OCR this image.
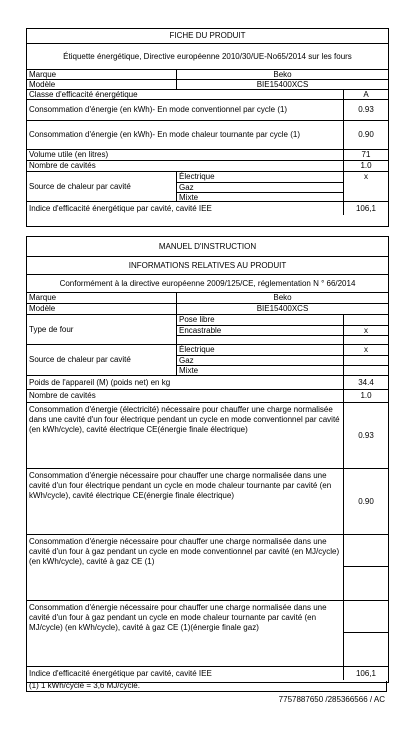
FICHE DU PRODUIT
Étiquette énergétique, Directive européenne 2010/30/UE-No65/2014 sur les fours
Marque	Beko
Modèle	BIE15400XCS
Classe d'efficacité énergétique	A
Consommation d'énergie (en kWh)- En mode conventionnel par cycle (1)	0.93
Consommation d'énergie (en kWh)- En mode chaleur tournante par cycle (1)	0.90
Volume utile (en litres)	71
Nombre de cavités	1.0
Source de chaleur par cavité
Électrique	x
Gaz
Mixte
Indice d'efficacité énergétique par cavité, cavité IEE	106,1
MANUEL D'INSTRUCTION
INFORMATIONS RELATIVES AU PRODUIT
Conformément à la directive européenne 2009/125/CE, réglementation N ° 66/2014
Marque	Beko
Modèle	BIE15400XCS
Type de four
Pose libre
Encastrable	x
Source de chaleur par cavité
Électrique	x
Gaz
Mixte
Poids de l'appareil (M) (poids net) en kg	34.4
Nombre de cavités	1.0
Consommation d'énergie (électricité) nécessaire pour chauffer une charge normalisée dans une cavité d'un four électrique pendant un cycle en mode conventionnel par cavité (en kWh/cycle), cavité électrique CE(énergie finale électrique)
0.93
Consommation d'énergie nécessaire pour chauffer une charge normalisée dans une cavité d'un four électrique pendant un cycle en mode chaleur tournante par cavité (en kWh/cycle), cavité électrique CE(énergie finale électrique)
0.90
Consommation d'énergie nécessaire pour chauffer une charge normalisée dans une cavité d'un four à gaz pendant un cycle en mode conventionnel par cavité (en MJ/cycle) (en kWh/cycle), cavité à gaz CE (1)
Consommation d'énergie nécessaire pour chauffer une charge normalisée dans une cavité d'un four à gaz pendant un cycle en mode chaleur tournante par cavité (en MJ/cycle) (en kWh/cycle), cavité à gaz CE (1)(énergie finale gaz)
Indice d'efficacité énergétique par cavité, cavité IEE	106,1
(1) 1 kWh/cycle = 3,6 MJ/cycle.
7757887650 /285366566 / AC
